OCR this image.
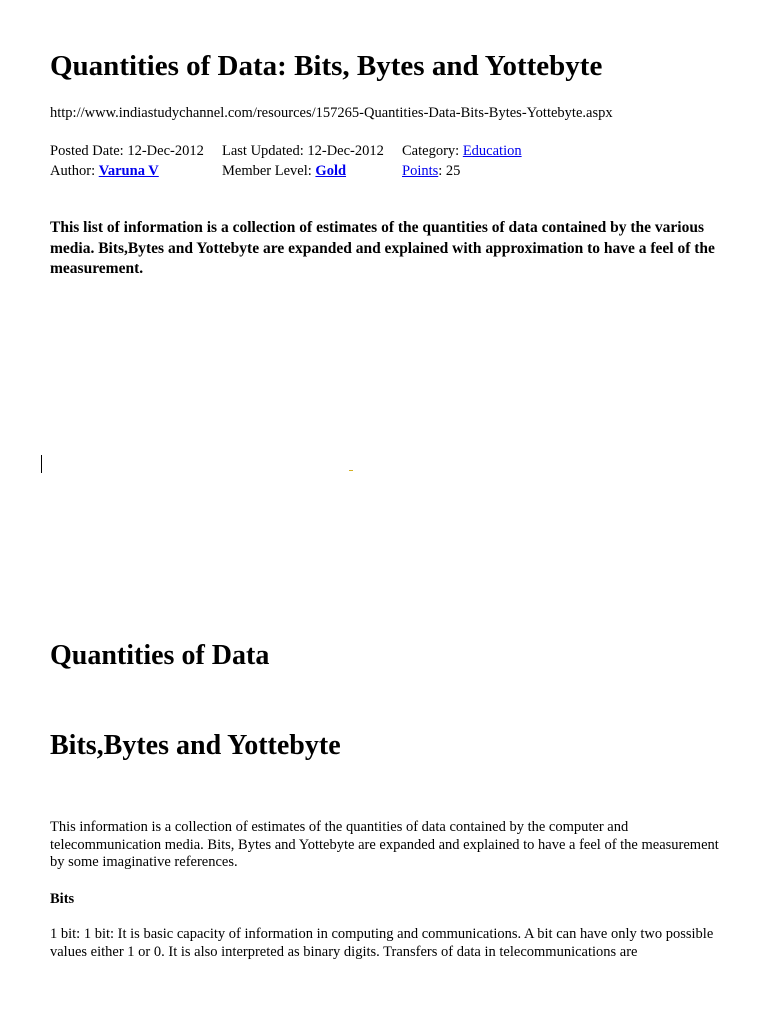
Quantities of Data: Bits, Bytes and Yottebyte
http://www.indiastudychannel.com/resources/157265-Quantities-Data-Bits-Bytes-Yottebyte.aspx
Posted Date: 12-Dec-2012 Last Updated: 12-Dec-2012 Category: Education
Author: Varuna V	Member Level: Gold	Points: 25
This list of information is a collection of estimates of the quantities of data contained by the various media. Bits,Bytes and Yottebyte are expanded and explained with approximation to have a feel of the measurement.
Quantities of Data
Bits,Bytes and Yottebyte
This information is a collection of estimates of the quantities of data contained by the computer and telecommunication media. Bits, Bytes and Yottebyte are expanded and explained to have a feel of the measurement by some imaginative references.
Bits
1 bit: 1 bit: It is basic capacity of information in computing and communications. A bit can have only two possible values either 1 or 0. It is also interpreted as binary digits. Transfers of data in telecommunications are
